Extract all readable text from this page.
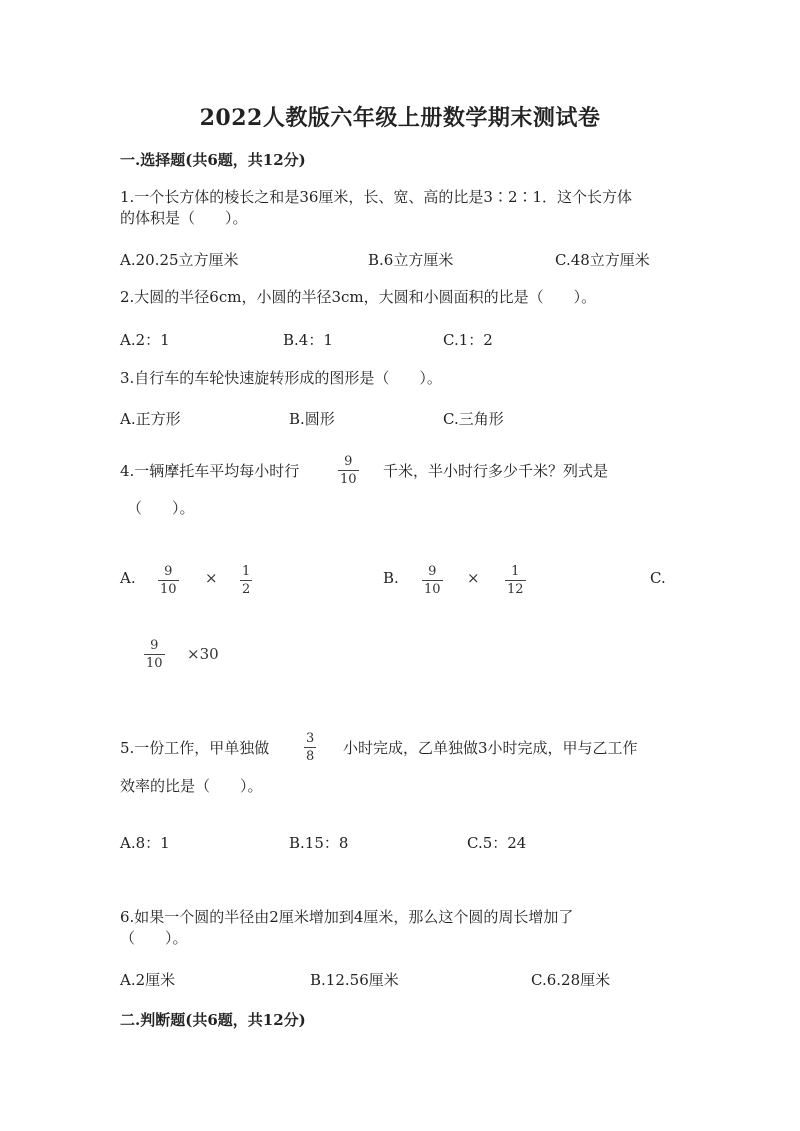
2022人教版六年级上册数学期末测试卷
一.选择题(共6题，共12分)
1.一个长方体的棱长之和是36厘米，长、宽、高的比是3∶2∶1．这个长方体
的体积是（　　）。
A.20.25立方厘米	B.6立方厘米	C.48立方厘米
2.大圆的半径6cm，小圆的半径3cm，大圆和小圆面积的比是（　　）。
A.2：1	B.4：1	C.1：2
3.自行车的车轮快速旋转形成的图形是（　　）。
A.正方形	B.圆形	C.三角形
4.一辆摩托车平均每小时行
9
10 千米，半小时行多少千米？列式是
（　　）。
A. 9
10
× 1
2
B. 9
10
× 1
12
C.
9
10
×30
5.一份工作，甲单独做
3
8 小时完成，乙单独做3小时完成，甲与乙工作
效率的比是（　　）。
A.8：1	B.15：8	C.5：24
6.如果一个圆的半径由2厘米增加到4厘米，那么这个圆的周长增加了
（　　）。
A.2厘米	B.12.56厘米	C.6.28厘米
二.判断题(共6题，共12分)
